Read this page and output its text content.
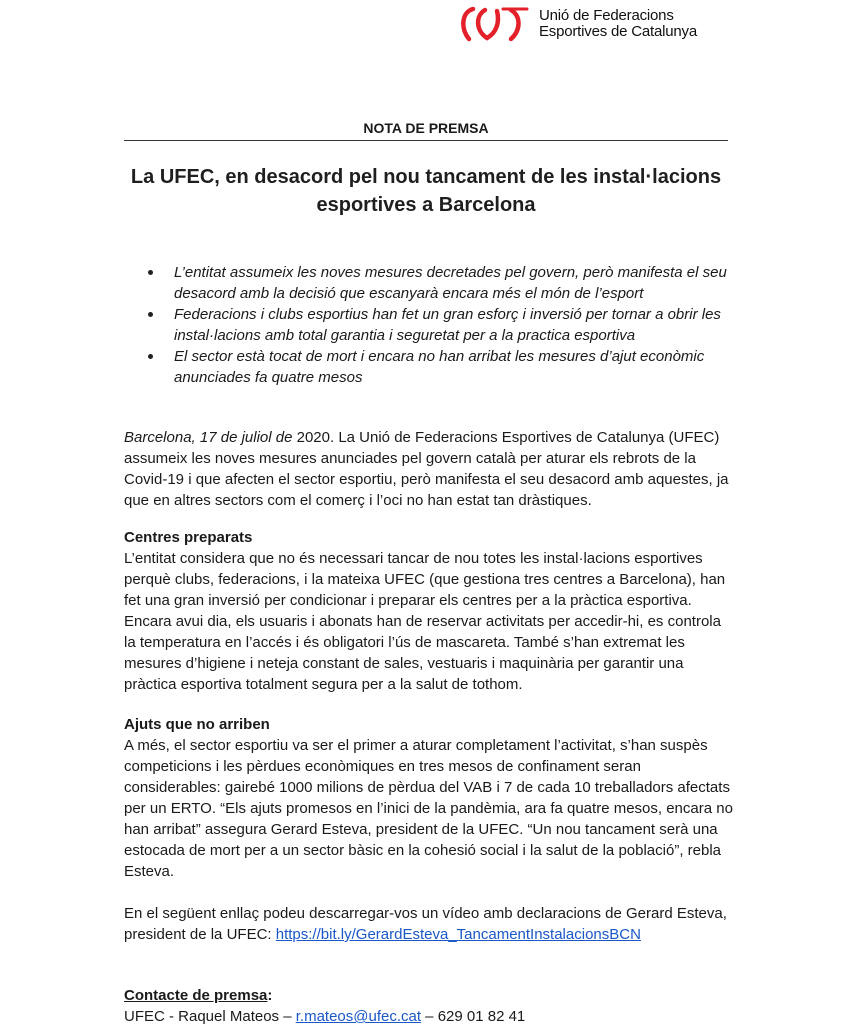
Unió de Federacions
Esportives de Catalunya
NOTA DE PREMSA
La UFEC, en desacord pel nou tancament de les instal·lacions
esportives a Barcelona
L’entitat assumeix les noves mesures decretades pel govern, però manifesta el seu desacord amb la decisió que escanyarà encara més el món de l’esport
Federacions i clubs esportius han fet un gran esforç i inversió per tornar a obrir les instal·lacions amb total garantia i seguretat per a la practica esportiva
El sector està tocat de mort i encara no han arribat les mesures d’ajut econòmic anunciades fa quatre mesos

Barcelona, 17 de juliol de 2020. La Unió de Federacions Esportives de Catalunya (UFEC) assumeix les noves mesures anunciades pel govern català per aturar els rebrots de la Covid-19 i que afecten el sector esportiu, però manifesta el seu desacord amb aquestes, ja que en altres sectors com el comerç i l’oci no han estat tan dràstiques.

Centres preparats

L’entitat considera que no és necessari tancar de nou totes les instal·lacions esportives perquè clubs, federacions, i la mateixa UFEC (que gestiona tres centres a Barcelona), han fet una gran inversió per condicionar i preparar els centres per a la pràctica esportiva. Encara avui dia, els usuaris i abonats han de reservar activitats per accedir-hi, es controla la temperatura en l’accés i és obligatori l’ús de mascareta. També s’han extremat les mesures d’higiene i neteja constant de sales, vestuaris i maquinària per garantir una pràctica esportiva totalment segura per a la salut de tothom.

Ajuts que no arriben

A més, el sector esportiu va ser el primer a aturar completament l’activitat, s’han suspès competicions i les pèrdues econòmiques en tres mesos de confinament seran considerables: gairebé 1000 milions de pèrdua del VAB i 7 de cada 10 treballadors afectats per un ERTO. “Els ajuts promesos en l’inici de la pandèmia, ara fa quatre mesos, encara no han arribat” assegura Gerard Esteva, president de la UFEC. “Un nou tancament serà una estocada de mort per a un sector bàsic en la cohesió social i la salut de la població”, rebla Esteva.

En el següent enllaç podeu descarregar-vos un vídeo amb declaracions de Gerard Esteva, president de la UFEC: https://bit.ly/GerardEsteva_TancamentInstalacionsBCN

Contacte de premsa:

UFEC - Raquel Mateos – r.mateos@ufec.cat – 629 01 82 41
